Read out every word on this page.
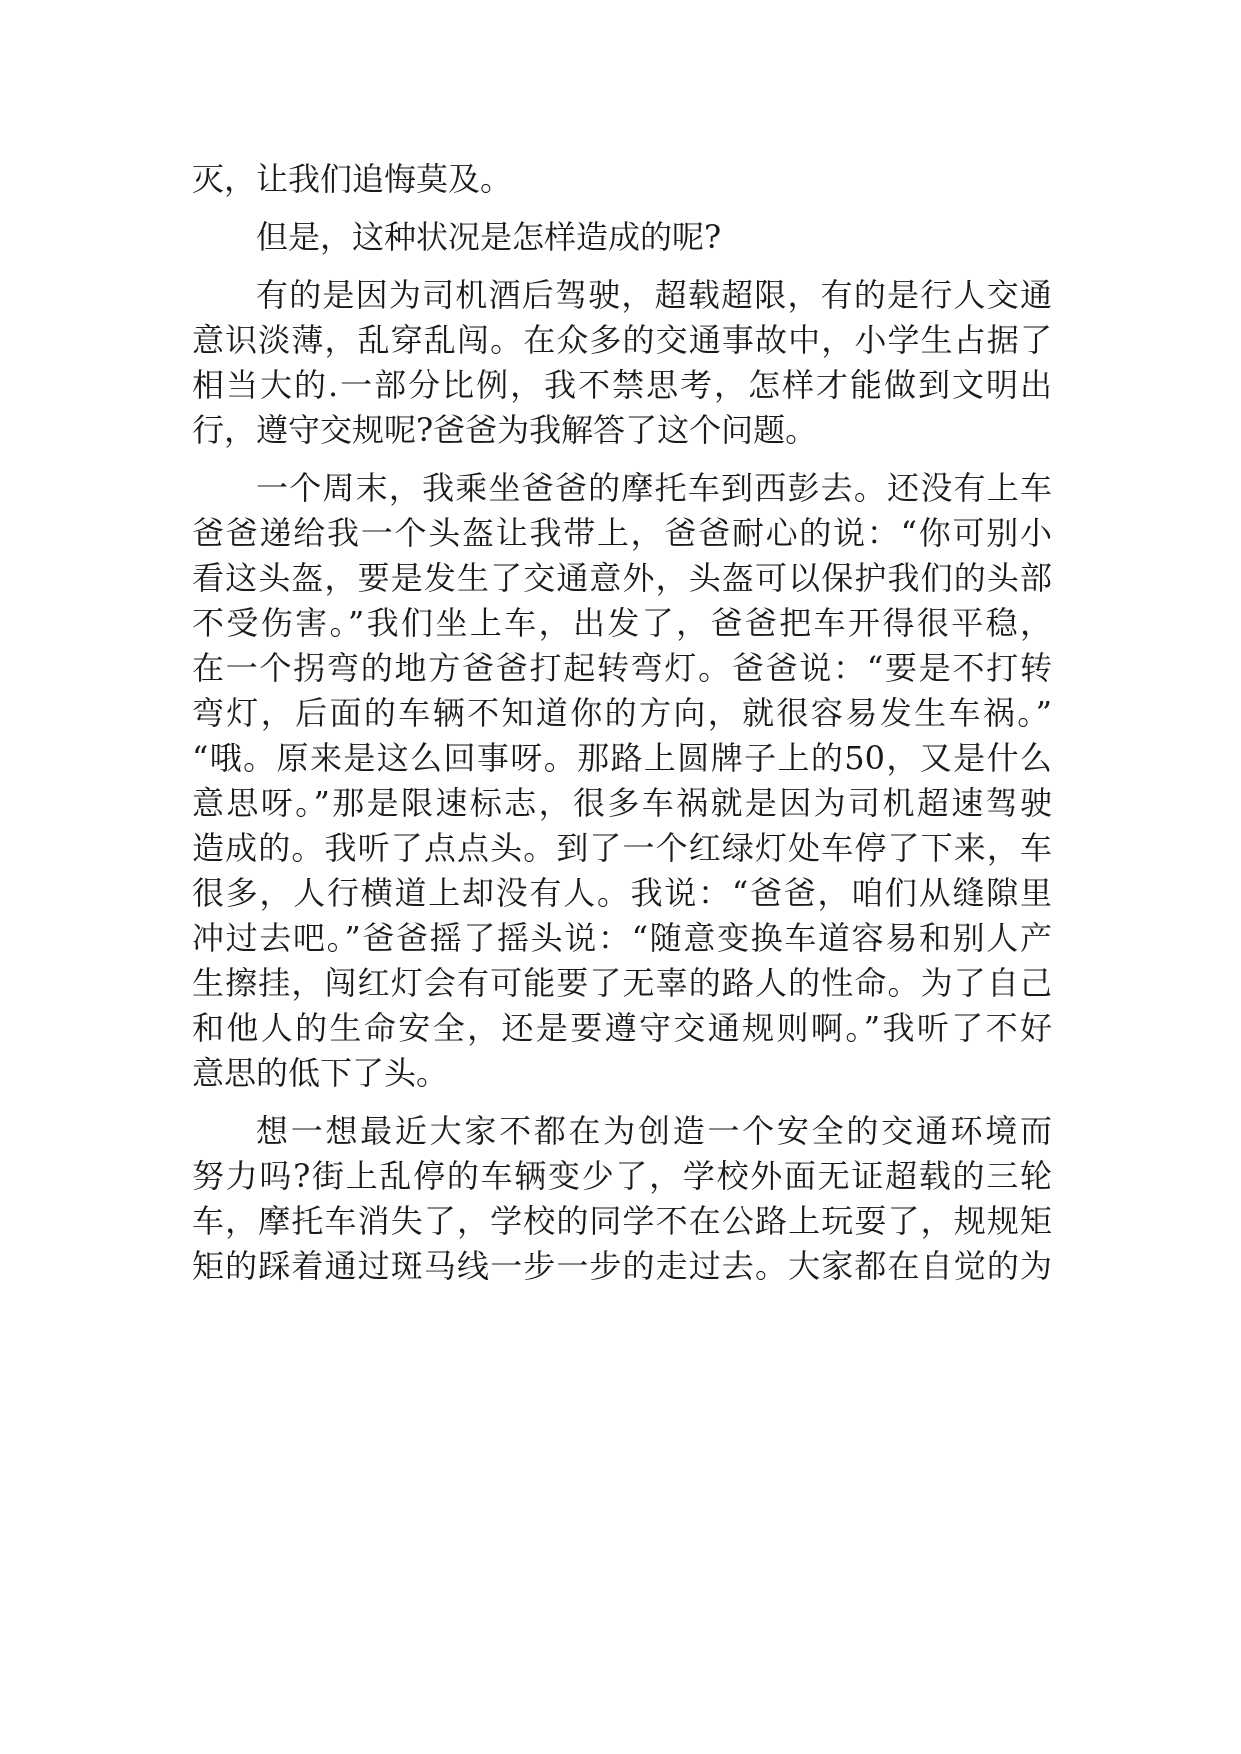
灭，让我们追悔莫及。

但是，这种状况是怎样造成的呢?

有的是因为司机酒后驾驶，超载超限，有的是行人交通

意识淡薄，乱穿乱闯。在众多的交通事故中，小学生占据了

相当大的.一部分比例，我不禁思考，怎样才能做到文明出

行，遵守交规呢?爸爸为我解答了这个问题。

一个周末，我乘坐爸爸的摩托车到西彭去。还没有上车

爸爸递给我一个头盔让我带上，爸爸耐心的说：“你可别小

看这头盔，要是发生了交通意外，头盔可以保护我们的头部

不受伤害。”我们坐上车，出发了，爸爸把车开得很平稳，

在一个拐弯的地方爸爸打起转弯灯。爸爸说：“要是不打转

弯灯，后面的车辆不知道你的方向，就很容易发生车祸。”

“哦。原来是这么回事呀。那路上圆牌子上的50，又是什么

意思呀。”那是限速标志，很多车祸就是因为司机超速驾驶

造成的。我听了点点头。到了一个红绿灯处车停了下来，车

很多，人行横道上却没有人。我说：“爸爸，咱们从缝隙里

冲过去吧。”爸爸摇了摇头说：“随意变换车道容易和别人产

生擦挂，闯红灯会有可能要了无辜的路人的性命。为了自己

和他人的生命安全，还是要遵守交通规则啊。”我听了不好

意思的低下了头。

想一想最近大家不都在为创造一个安全的交通环境而

努力吗?街上乱停的车辆变少了，学校外面无证超载的三轮

车，摩托车消失了，学校的同学不在公路上玩耍了，规规矩

矩的踩着通过斑马线一步一步的走过去。大家都在自觉的为
